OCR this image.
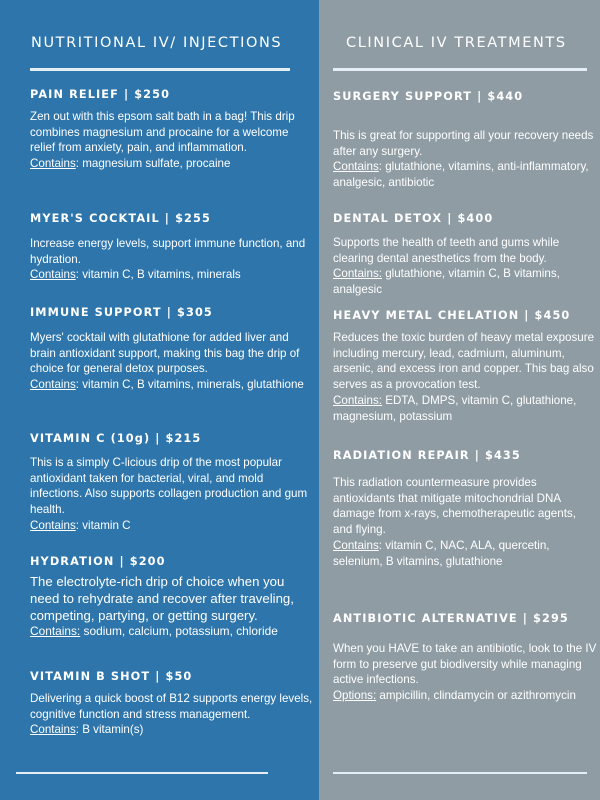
NUTRITIONAL IV/ INJECTIONS

PAIN RELIEF | $250

Zen out with this epsom salt bath in a bag! This drip combines magnesium and procaine for a welcome relief from anxiety, pain, and inflammation.

Contains: magnesium sulfate, procaine

MYER'S COCKTAIL | $255

Increase energy levels, support immune function, and hydration.

Contains: vitamin C, B vitamins, minerals

IMMUNE SUPPORT | $305

Myers' cocktail with glutathione for added liver and brain antioxidant support, making this bag the drip of choice for general detox purposes.

Contains: vitamin C, B vitamins, minerals, glutathione

VITAMIN C (10g) | $215

This is a simply C-licious drip of the most popular antioxidant taken for bacterial, viral, and mold infections. Also supports collagen production and gum health.

Contains: vitamin C

HYDRATION | $200

The electrolyte-rich drip of choice when you need to rehydrate and recover after traveling, competing, partying, or getting surgery.

Contains: sodium, calcium, potassium, chloride

VITAMIN B SHOT | $50

Delivering a quick boost of B12 supports energy levels, cognitive function and stress management.

Contains: B vitamin(s)

CLINICAL IV TREATMENTS

SURGERY SUPPORT | $440

This is great for supporting all your recovery needs after any surgery.

Contains: glutathione, vitamins, anti-inflammatory, analgesic, antibiotic

DENTAL DETOX | $400

Supports the health of teeth and gums while clearing dental anesthetics from the body.

Contains: glutathione, vitamin C, B vitamins, analgesic

HEAVY METAL CHELATION | $450

Reduces the toxic burden of heavy metal exposure including mercury, lead, cadmium, aluminum, arsenic, and excess iron and copper. This bag also serves as a provocation test.

Contains: EDTA, DMPS, vitamin C, glutathione, magnesium, potassium

RADIATION REPAIR | $435

This radiation countermeasure provides antioxidants that mitigate mitochondrial DNA damage from x-rays, chemotherapeutic agents, and flying.

Contains: vitamin C, NAC, ALA, quercetin, selenium, B vitamins, glutathione

ANTIBIOTIC ALTERNATIVE | $295

When you HAVE to take an antibiotic, look to the IV form to preserve gut biodiversity while managing active infections.

Options: ampicillin, clindamycin or azithromycin
